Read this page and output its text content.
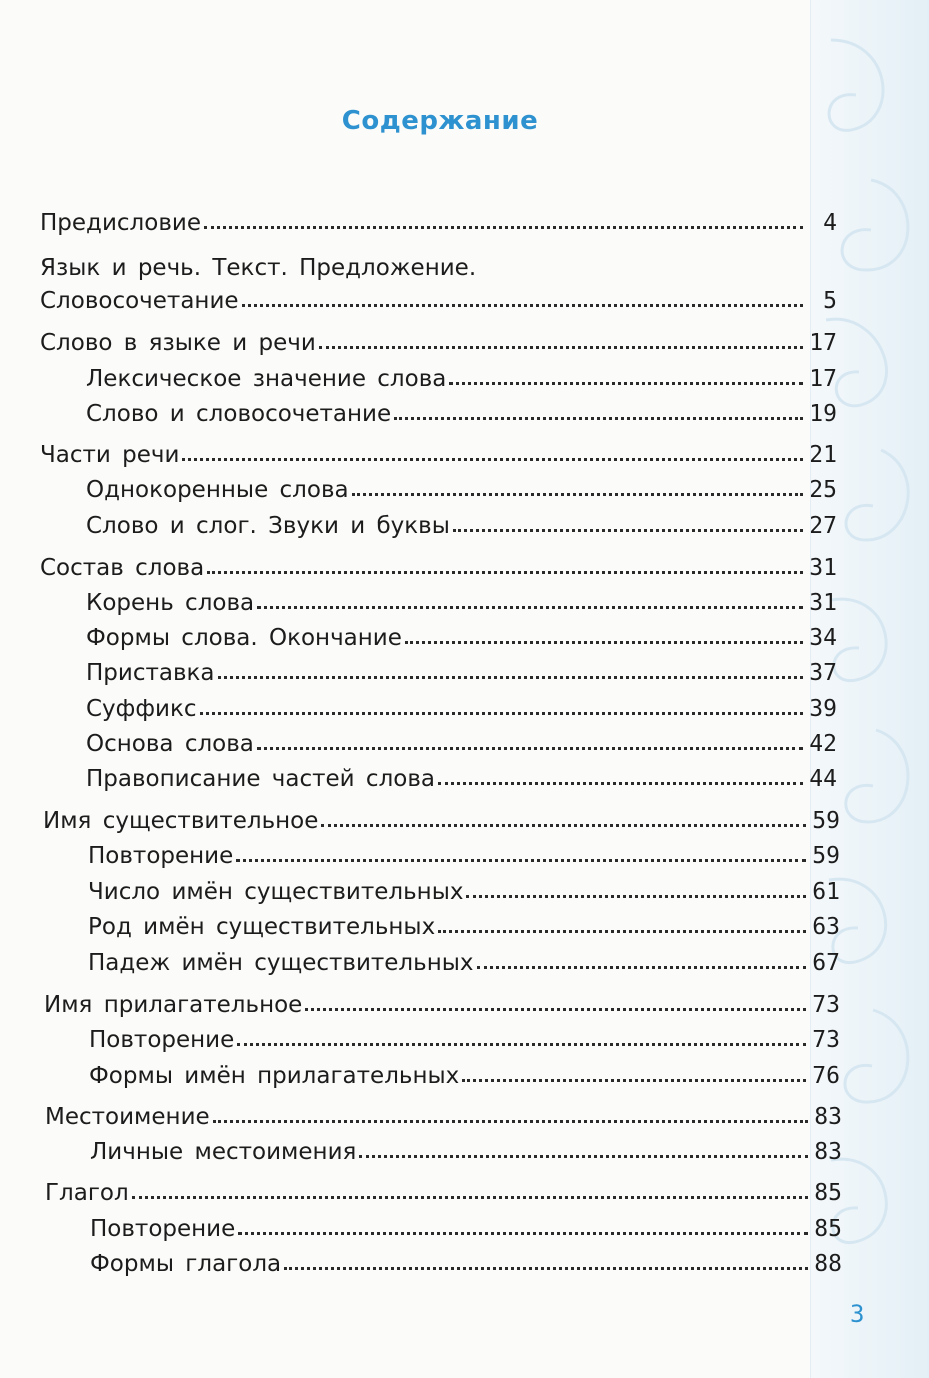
Содержание
Предисловие	4
Язык и речь. Текст. Предложение.
Словосочетание	5
Слово в языке и речи	17
Лексическое значение слова	17
Слово и словосочетание	19
Части речи	21
Однокоренные слова	25
Слово и слог. Звуки и буквы	27
Состав слова	31
Корень слова	31
Формы слова. Окончание	34
Приставка	37
Суффикс	39
Основа слова	42
Правописание частей слова	44
Имя существительное	59
Повторение	59
Число имён существительных	61
Род имён существительных	63
Падеж имён существительных	67
Имя прилагательное	73
Повторение	73
Формы имён прилагательных	76
Местоимение	83
Личные местоимения	83
Глагол	85
Повторение	85
Формы глагола	88
3
